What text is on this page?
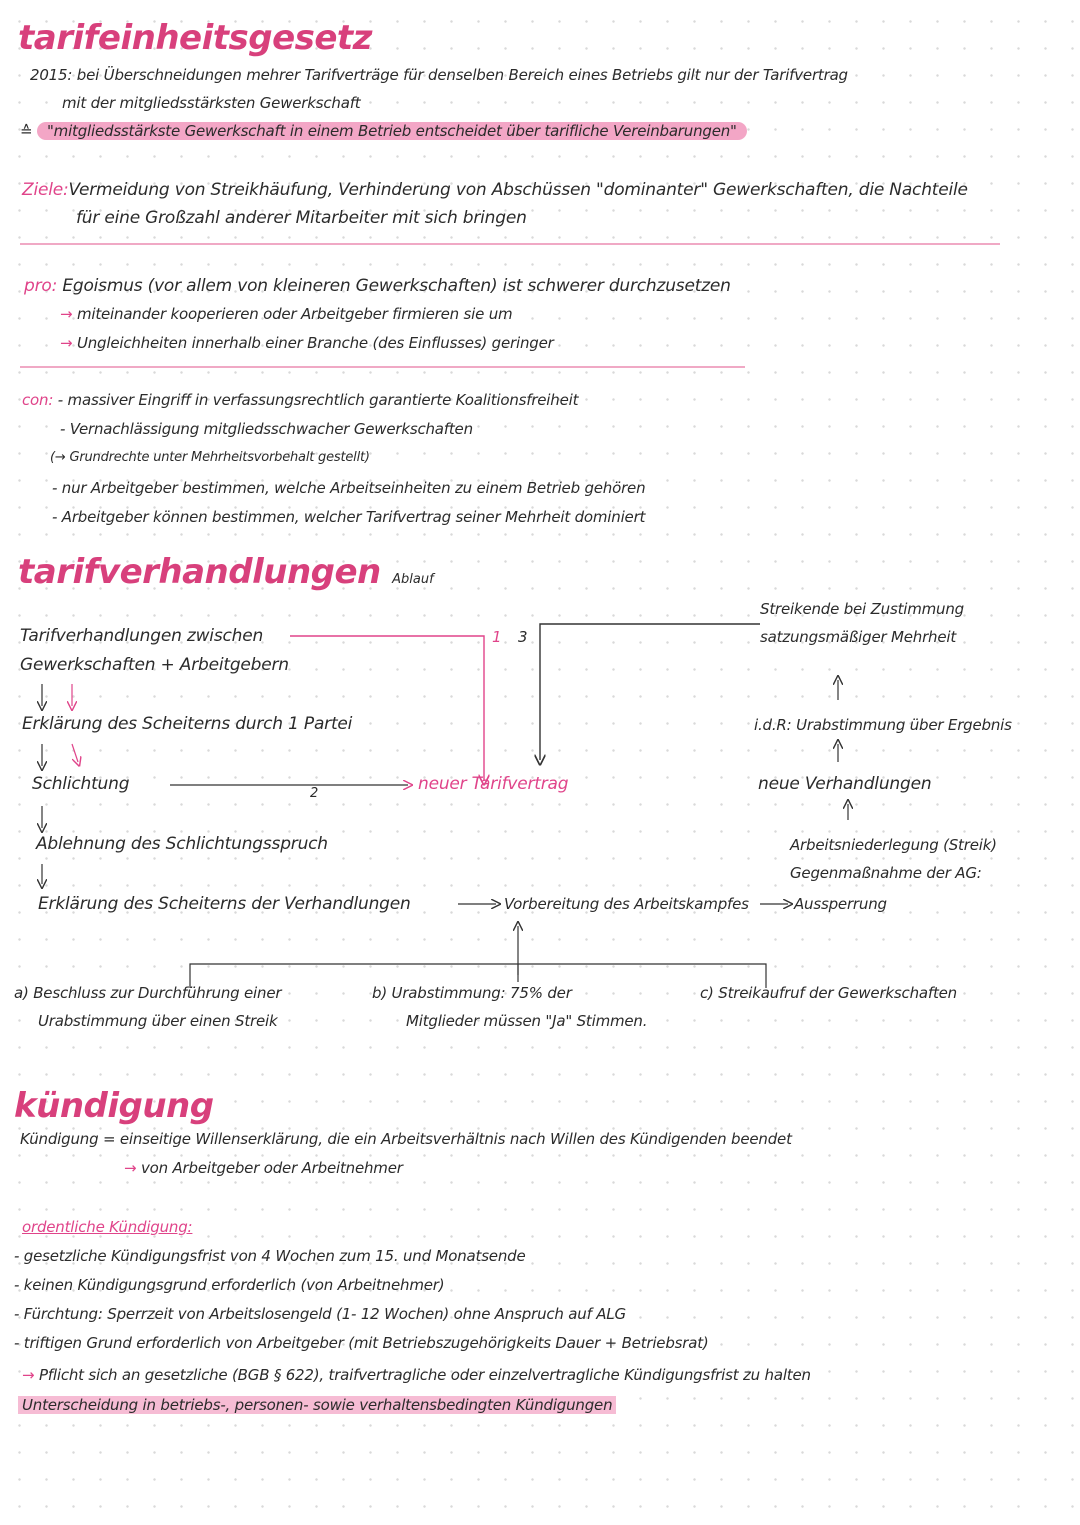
tarifeinheitsgesetz
2015: bei Überschneidungen mehrer Tarifverträge für denselben Bereich eines Betriebs gilt nur der Tarifvertrag
mit der mitgliedsstärksten Gewerkschaft
≙ "mitgliedsstärkste Gewerkschaft in einem Betrieb entscheidet über tarifliche Vereinbarungen"
Ziele:Vermeidung von Streikhäufung, Verhinderung von Abschüssen "dominanter" Gewerkschaften, die Nachteile
für eine Großzahl anderer Mitarbeiter mit sich bringen
pro: Egoismus (vor allem von kleineren Gewerkschaften) ist schwerer durchzusetzen
→ miteinander kooperieren oder Arbeitgeber firmieren sie um
→ Ungleichheiten innerhalb einer Branche (des Einflusses) geringer
con: - massiver Eingriff in verfassungsrechtlich garantierte Koalitionsfreiheit
- Vernachlässigung mitgliedsschwacher Gewerkschaften
(→ Grundrechte unter Mehrheitsvorbehalt gestellt)
- nur Arbeitgeber bestimmen, welche Arbeitseinheiten zu einem Betrieb gehören
- Arbeitgeber können bestimmen, welcher Tarifvertrag seiner Mehrheit dominiert
tarifverhandlungen Ablauf
Tarifverhandlungen zwischen
Gewerkschaften + Arbeitgebern
1 3
2
Erklärung des Scheiterns durch 1 Partei
Schlichtung	neuer Tarifvertrag
Ablehnung des Schlichtungsspruch
Erklärung des Scheiterns der Verhandlungen	Vorbereitung des Arbeitskampfes	Aussperrung
Streikende bei Zustimmung
satzungsmäßiger Mehrheit
i.d.R: Urabstimmung über Ergebnis
neue Verhandlungen
Arbeitsniederlegung (Streik)
Gegenmaßnahme der AG:
a) Beschluss zur Durchführung einer
Urabstimmung über einen Streik
b) Urabstimmung: 75% der
Mitglieder müssen "Ja" Stimmen.
c) Streikaufruf der Gewerkschaften
kündigung
Kündigung = einseitige Willenserklärung, die ein Arbeitsverhältnis nach Willen des Kündigenden beendet
→ von Arbeitgeber oder Arbeitnehmer
ordentliche Kündigung:
- gesetzliche Kündigungsfrist von 4 Wochen zum 15. und Monatsende
- keinen Kündigungsgrund erforderlich (von Arbeitnehmer)
- Fürchtung: Sperrzeit von Arbeitslosengeld (1- 12 Wochen) ohne Anspruch auf ALG
- triftigen Grund erforderlich von Arbeitgeber (mit Betriebszugehörigkeits Dauer + Betriebsrat)
→ Pflicht sich an gesetzliche (BGB § 622), traifvertragliche oder einzelvertragliche Kündigungsfrist zu halten
Unterscheidung in betriebs-, personen- sowie verhaltensbedingten Kündigungen
